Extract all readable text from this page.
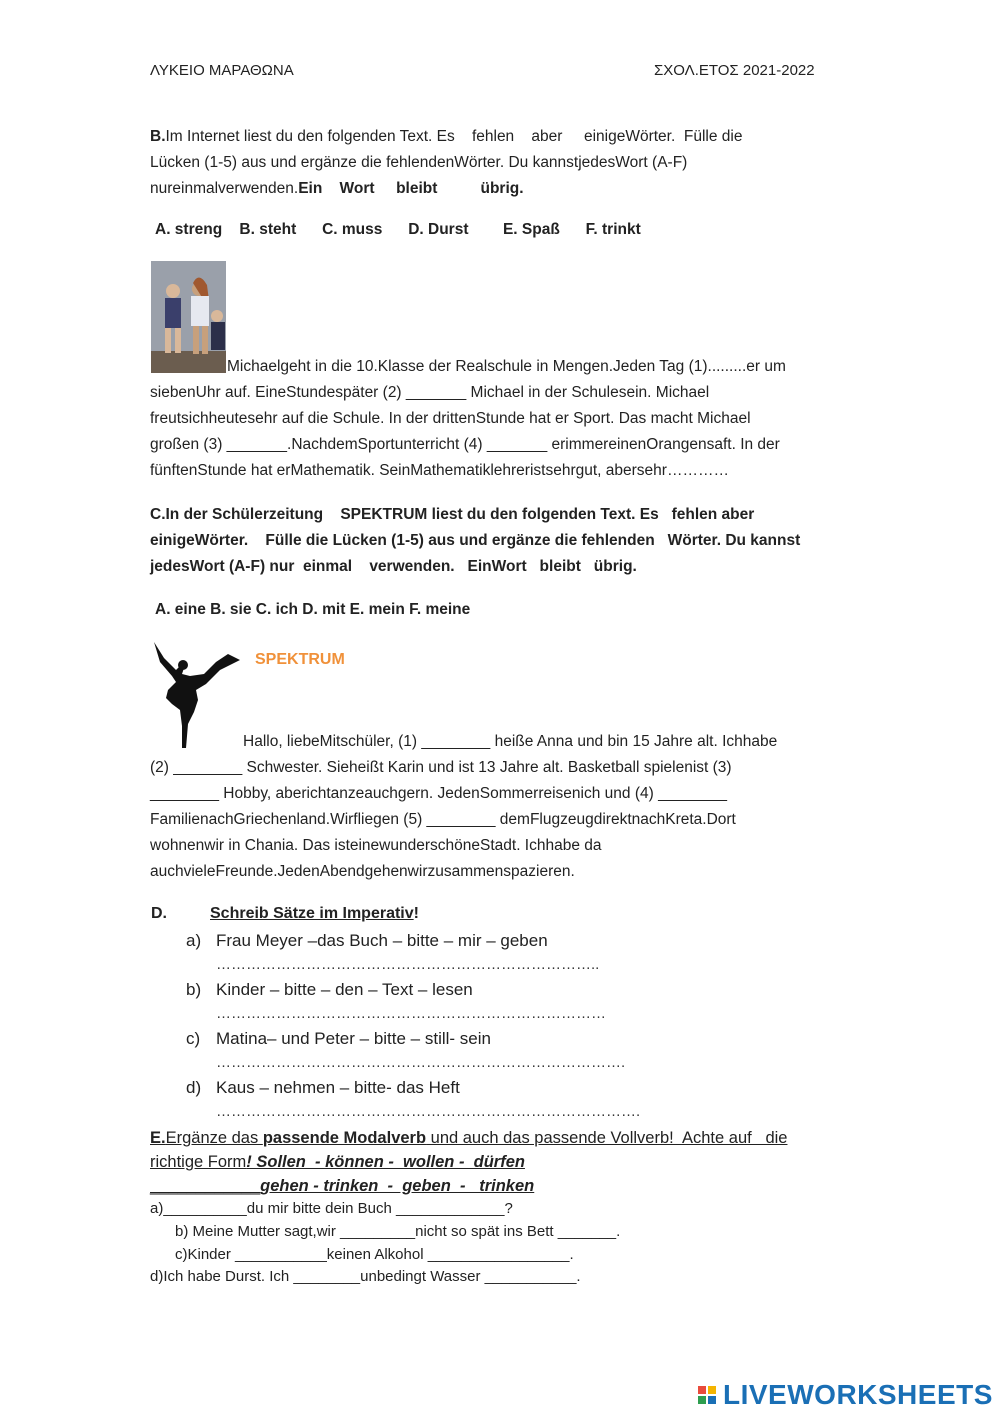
ΛΥΚΕΙΟ ΜΑΡΑΘΩΝΑ	ΣΧΟΛ.ΕΤΟΣ 2021-2022
B.Im Internet liest du den folgenden Text. Es    fehlen    aber     einigeWörter.  Fülle die
Lücken (1-5) aus und ergänze die fehlendenWörter. Du kannstjedesWort (A-F)
nureinmalverwenden.Ein    Wort     bleibt          übrig.
A. streng    B. steht      C. muss      D. Durst        E. Spaß      F. trinkt
Michaelgeht in die 10.Klasse der Realschule in Mengen.Jeden Tag (1).........er um
siebenUhr auf. EineStundespäter (2) _______ Michael in der Schulesein. Michael
freutsichheutesehr auf die Schule. In der drittenStunde hat er Sport. Das macht Michael
großen (3) _______.NachdemSportunterricht (4) _______ erimmereinenOrangensaft. In der
fünftenStunde hat erMathematik. SeinMathematiklehreristsehrgut, abersehr…………
C.In der Schülerzeitung    SPEKTRUM liest du den folgenden Text. Es   fehlen aber
einigeWörter.    Fülle die Lücken (1-5) aus und ergänze die fehlenden   Wörter. Du kannst
jedesWort (A-F) nur  einmal    verwenden.   EinWort   bleibt   übrig.
A. eine B. sie C. ich D. mit E. mein F. meine
SPEKTRUM
Hallo, liebeMitschüler, (1) ________ heiße Anna und bin 15 Jahre alt. Ichhabe
(2) ________ Schwester. Sieheißt Karin und ist 13 Jahre alt. Basketball spielenist (3)
________ Hobby, aberichtanzeauchgern. JedenSommerreisenich und (4) ________
FamilienachGriechenland.Wirfliegen (5) ________ demFlugzeugdirektnachKreta.Dort
wohnenwir in Chania. Das isteinewunderschöneStadt. Ichhabe da
auchvieleFreunde.JedenAbendgehenwirzusammenspazieren.
D.	Schreib Sätze im Imperativ!
a) Frau Meyer –das Buch – bitte – mir – geben
…………………………………………………………………..
b) Kinder – bitte – den – Text – lesen
……………………………………………………………………
c) Matina– und Peter – bitte – still- sein
……………………………………………………………………….
d) Kaus – nehmen – bitte- das Heft
………………………………………………………………………….
E.Ergänze das passende Modalverb und auch das passende Vollverb!  Achte auf   die
richtige Form! Sollen  - können -  wollen -  dürfen
____________gehen - trinken  -  geben  -   trinken
a)__________du mir bitte dein Buch _____________?
b) Meine Mutter sagt,wir _________nicht so spät ins Bett _______.
c)Kinder ___________keinen Alkohol _________________.
d)Ich habe Durst. Ich ________unbedingt Wasser ___________.
LIVEWORKSHEETS
